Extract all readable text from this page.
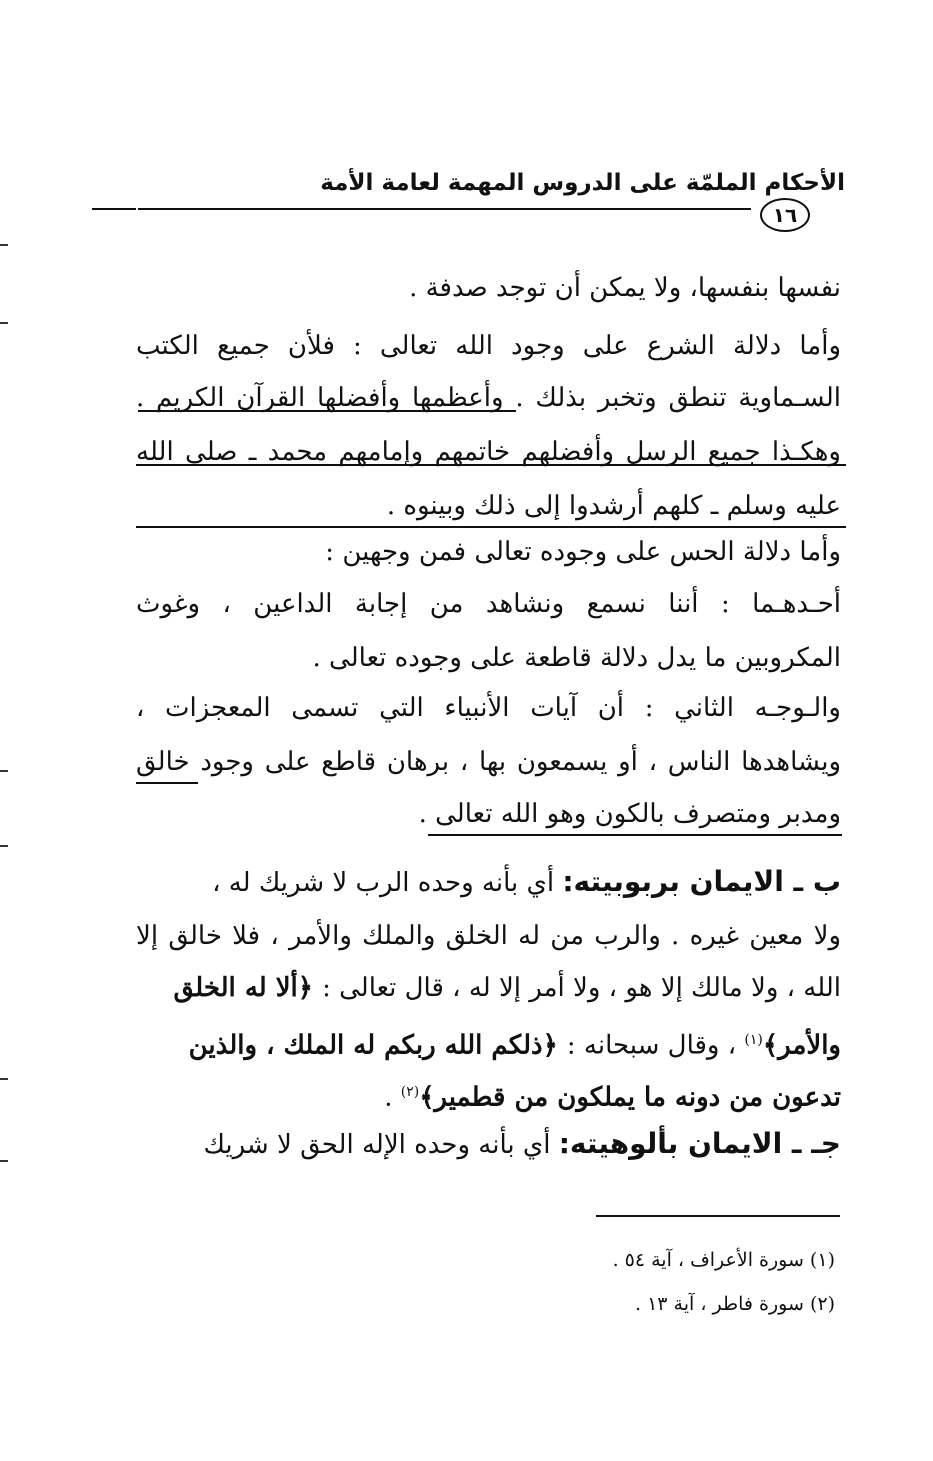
الأحكام الملمّة على الدروس المهمة لعامة الأمة
١٦
نفسها بنفسها، ولا يمكن أن توجد صدفة .
وأما دلالة الشرع على وجود الله تعالى : فلأن جميع الكتب
السـماوية تنطق وتخبر بذلك . وأعظمها وأفضلها القرآن الكريم .
وهكـذا جميع الرسل وأفضلهم خاتمهم وإمامهم محمد ـ صلى الله
عليه وسلم ـ كلهم أرشدوا إلى ذلك وبينوه .
وأما دلالة الحس على وجوده تعالى فمن وجهين :
أحـدهـما : أننا نسمع ونشاهد من إجابة الداعين ، وغوث
المكروبين ما يدل دلالة قاطعة على وجوده تعالى .
والـوجـه الثاني : أن آيات الأنبياء التي تسمى المعجزات ،
ويشاهدها الناس ، أو يسمعون بها ، برهان قاطع على وجود خالق
ومدبر ومتصرف بالكون وهو الله تعالى .
ب ـ الايمان بربوبيته: أي بأنه وحده الرب لا شريك له ،
ولا معين غيره . والرب من له الخلق والملك والأمر ، فلا خالق إلا
الله ، ولا مالك إلا هو ، ولا أمر إلا له ، قال تعالى : ﴿ألا له الخلق
والأمر﴾$^{(١)}$ ، وقال سبحانه : ﴿ذلكم الله ربكم له الملك ، والذين
تدعون من دونه ما يملكون من قطمير﴾$^{(٢)}$ .
جـ ـ الايمان بألوهيته: أي بأنه وحده الإله الحق لا شريك
(١) سورة الأعراف ، آية ٥٤ .
(٢) سورة فاطر ، آية ١٣ .
